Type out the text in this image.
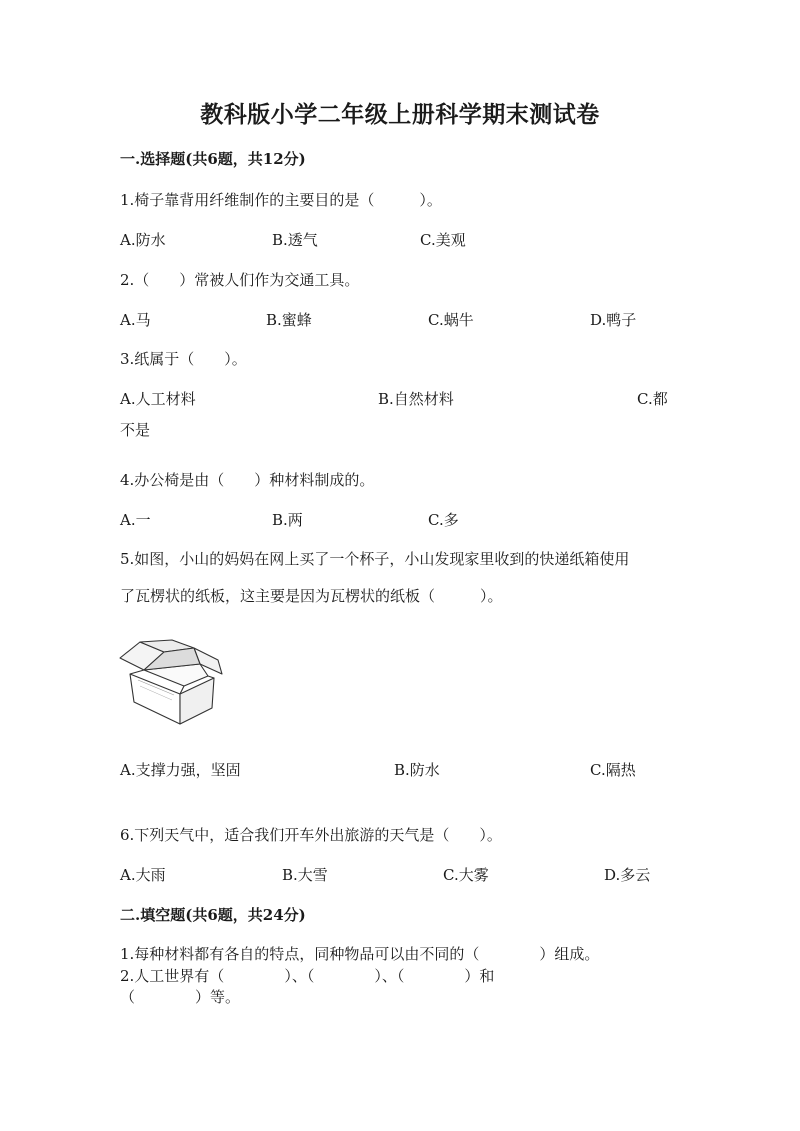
教科版小学二年级上册科学期末测试卷
一.选择题(共6题，共12分)
1.椅子靠背用纤维制作的主要目的是（　　　）。
A.防水	B.透气	C.美观
2.（　　）常被人们作为交通工具。
A.马	B.蜜蜂	C.蜗牛	D.鸭子
3.纸属于（　　）。
A.人工材料	B.自然材料	C.都
不是
4.办公椅是由（　　）种材料制成的。
A.一	B.两	C.多
5.如图，小山的妈妈在网上买了一个杯子，小山发现家里收到的快递纸箱使用
了瓦楞状的纸板，这主要是因为瓦楞状的纸板（　　　）。
A.支撑力强，坚固	B.防水	C.隔热
6.下列天气中，适合我们开车外出旅游的天气是（　　）。
A.大雨	B.大雪	C.大雾	D.多云
二.填空题(共6题，共24分)
1.每种材料都有各自的特点，同种物品可以由不同的（　　　　）组成。
2.人工世界有（　　　　）、（　　　　）、（　　　　）和
（　　　　）等。
